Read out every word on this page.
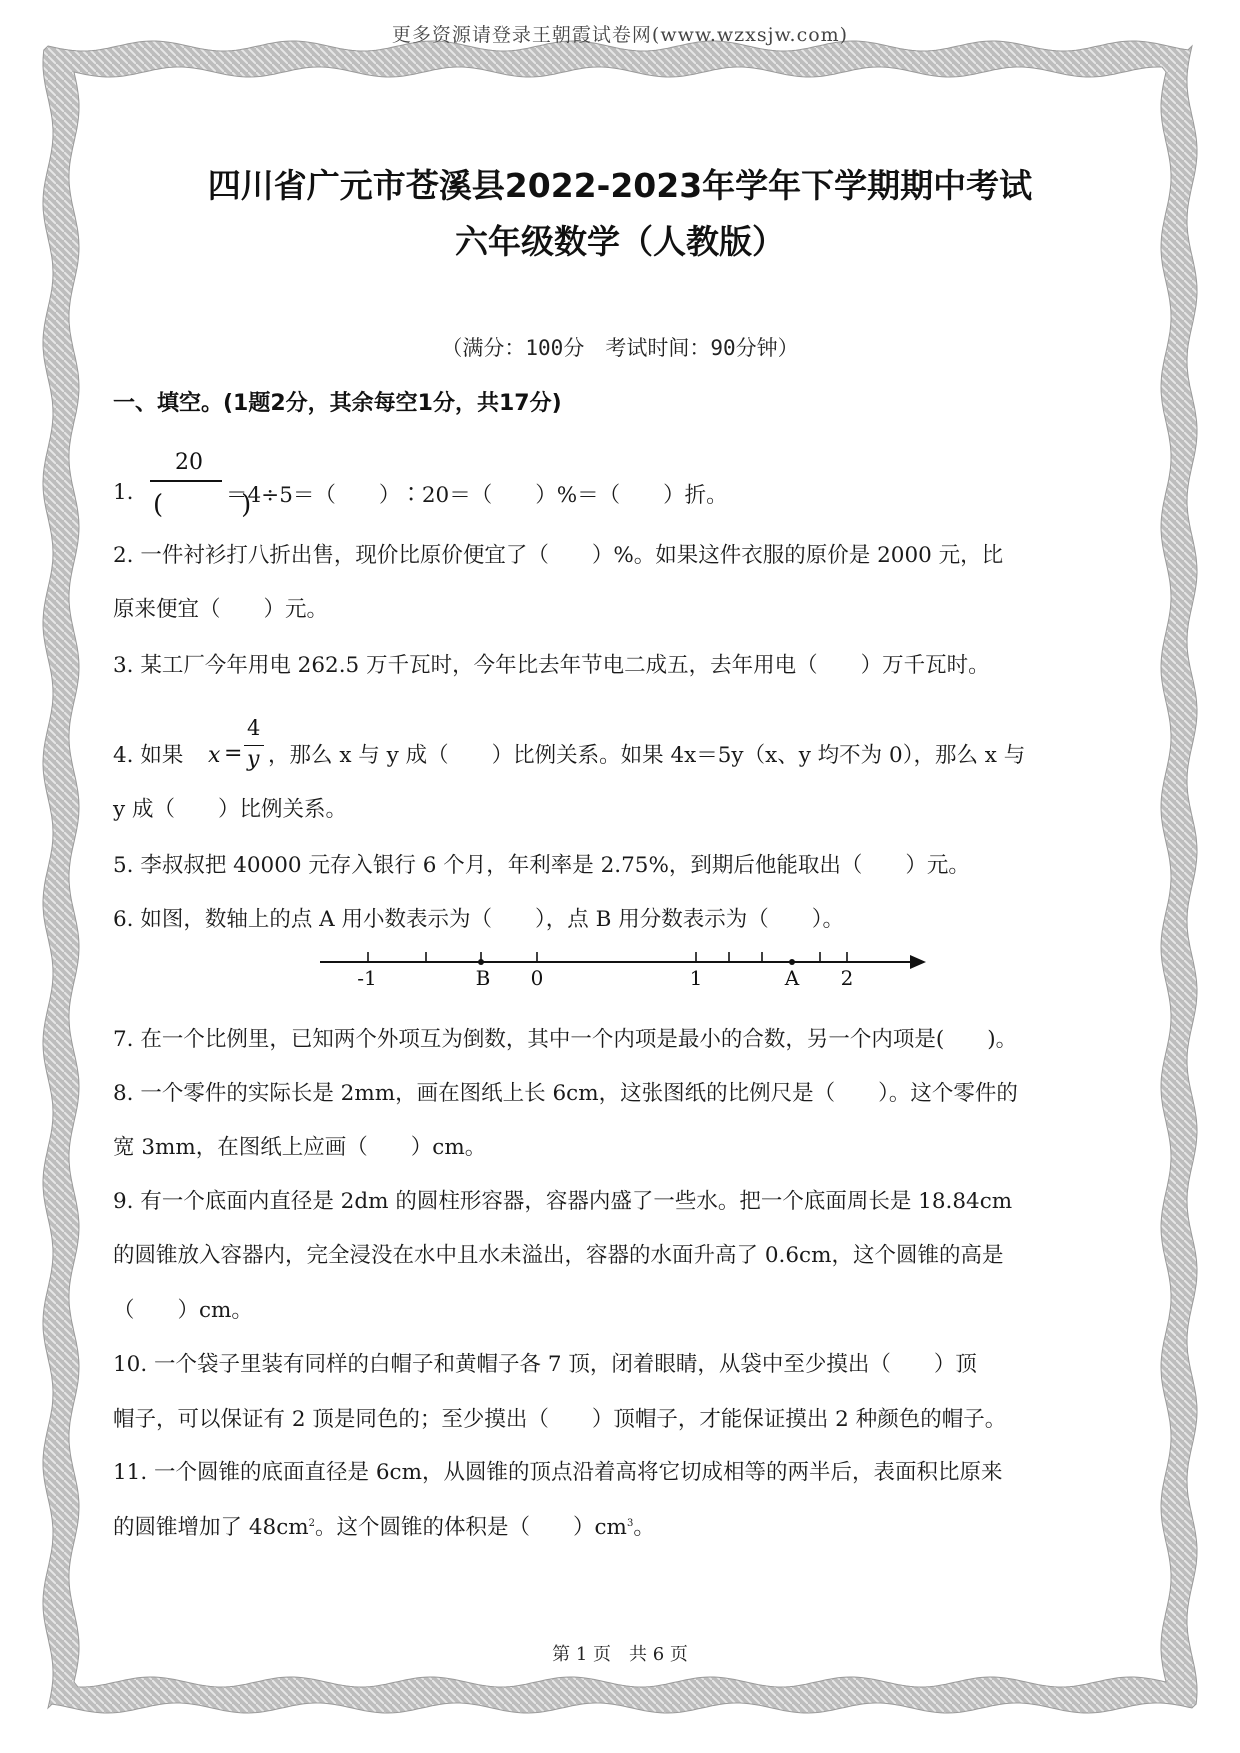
更多资源请登录王朝霞试卷网(www.wzxsjw.com)
四川省广元市苍溪县2022-2023年学年下学期期中考试
六年级数学（人教版）
（满分：100分　考试时间：90分钟）
一、填空。(1题2分，其余每空1分，共17分)
1.
20
(　)
＝4÷5＝（　　）∶20＝（　　）%＝（　　）折。
2. 一件衬衫打八折出售，现价比原价便宜了（　　）%。如果这件衣服的原价是 2000 元，比
原来便宜（　　）元。
3. 某工厂今年用电 262.5 万千瓦时，今年比去年节电二成五，去年用电（　　）万千瓦时。
4. 如果 x =
4
y ，那么 x 与 y 成（　　）比例关系。如果 4x＝5y（x、y 均不为 0），那么 x 与
y 成（　　）比例关系。
5. 李叔叔把 40000 元存入银行 6 个月，年利率是 2.75%，到期后他能取出（　　）元。
6. 如图，数轴上的点 A 用小数表示为（　　），点 B 用分数表示为（　　）。
-1	B 0	1	A 2
7. 在一个比例里，已知两个外项互为倒数，其中一个内项是最小的合数，另一个内项是(　　)。
8. 一个零件的实际长是 2mm，画在图纸上长 6cm，这张图纸的比例尺是（　　）。这个零件的
宽 3mm，在图纸上应画（　　）cm。
9. 有一个底面内直径是 2dm 的圆柱形容器，容器内盛了一些水。把一个底面周长是 18.84cm
的圆锥放入容器内，完全浸没在水中且水未溢出，容器的水面升高了 0.6cm，这个圆锥的高是
（　　）cm。
10. 一个袋子里装有同样的白帽子和黄帽子各 7 顶，闭着眼睛，从袋中至少摸出（　　）顶
帽子，可以保证有 2 顶是同色的；至少摸出（　　）顶帽子，才能保证摸出 2 种颜色的帽子。
11. 一个圆锥的底面直径是 6cm，从圆锥的顶点沿着高将它切成相等的两半后，表面积比原来
的圆锥增加了 $48cm^2$。这个圆锥的体积是（　　）$cm^3$。
第 1 页　共 6 页
